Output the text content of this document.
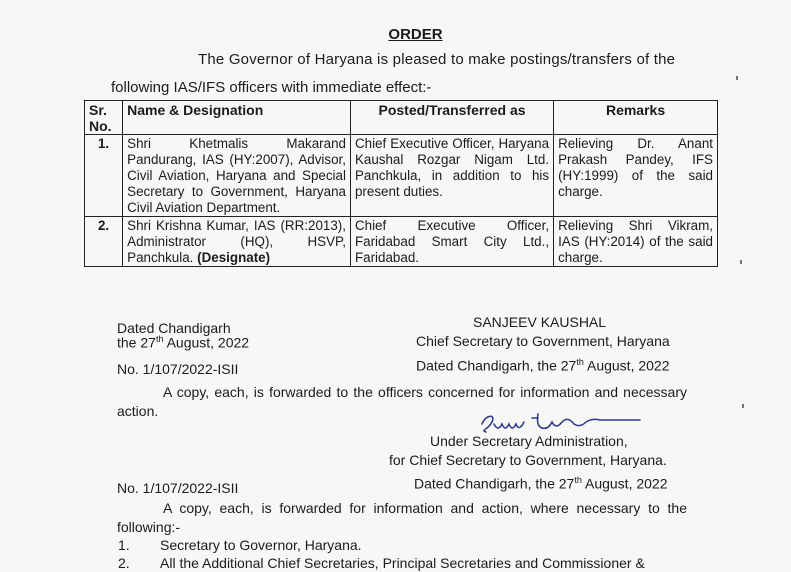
ORDER
The Governor of Haryana is pleased to make postings/transfers of the
following IAS/IFS officers with immediate effect:-
Sr. No.	Name & Designation	Posted/Transferred as	Remarks
1.	Shri Khetmalis Makarand Pandurang, IAS (HY:2007), Advisor, Civil Aviation, Haryana and Special Secretary to Government, Haryana Civil Aviation Department.	Chief Executive Officer, Haryana Kaushal Rozgar Nigam Ltd. Panchkula, in addition to his present duties.	Relieving Dr. Anant Prakash Pandey, IFS (HY:1999) of the said charge.
2.	Shri Krishna Kumar, IAS (RR:2013), Administrator (HQ), HSVP, Panchkula. (Designate)	Chief Executive Officer, Faridabad Smart City Ltd., Faridabad.	Relieving Shri Vikram, IAS (HY:2014) of the said charge.
Dated Chandigarh
the 27th August, 2022
SANJEEV KAUSHAL
Chief Secretary to Government, Haryana
No. 1/107/2022-ISII	Dated Chandigarh, the 27th August, 2022
A copy, each, is forwarded to the officers concerned for information and necessary action.
Under Secretary Administration,
for Chief Secretary to Government, Haryana.
No. 1/107/2022-ISII	Dated Chandigarh, the 27th August, 2022
A copy, each, is forwarded for information and action, where necessary to the following:-
1. Secretary to Governor, Haryana.
2. All the Additional Chief Secretaries, Principal Secretaries and Commissioner &
